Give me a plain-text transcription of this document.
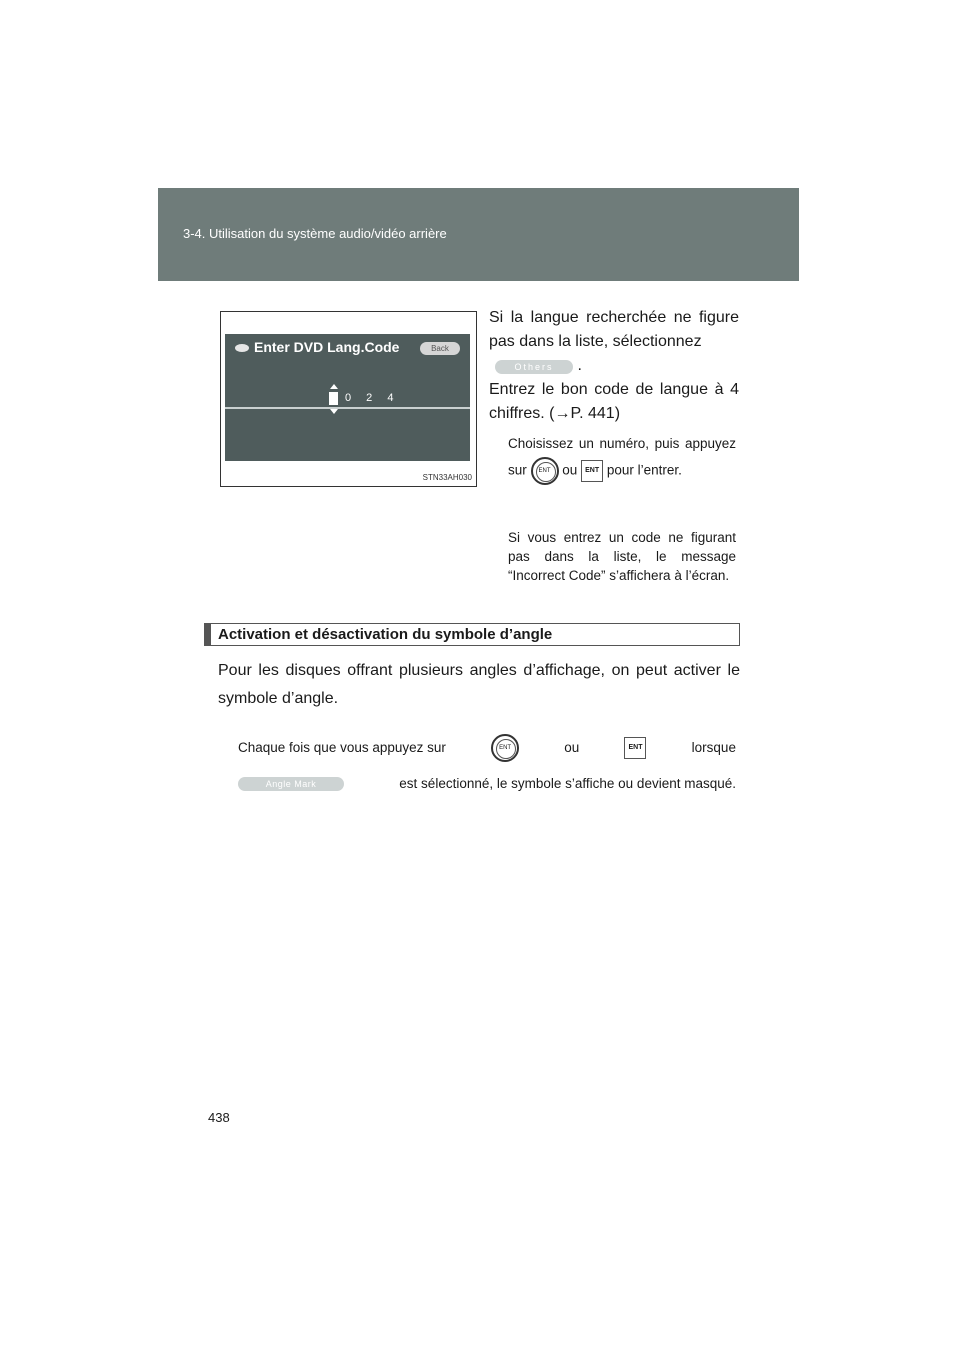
3-4. Utilisation du système audio/vidéo arrière
Enter DVD Lang.Code	Back
0 2 4
STN33AH030
Si la langue recherchée ne figure pas dans la liste, sélectionnez
Others .
Entrez le bon code de langue à 4 chiffres. (→P. 441)
Choisissez un numéro, puis appuyez sur	ENT ou ENT pour l’entrer.
Si vous entrez un code ne figurant pas dans la liste, le message “Incorrect Code” s’affichera à l’écran.
Activation et désactivation du symbole d’angle
Pour les disques offrant plusieurs angles d’affichage, on peut activer le symbole d’angle.
Chaque fois que vous appuyez sur	ENT	ou	ENT	lorsque
Angle Mark	est sélectionné, le symbole s’affiche ou devient masqué.
438
